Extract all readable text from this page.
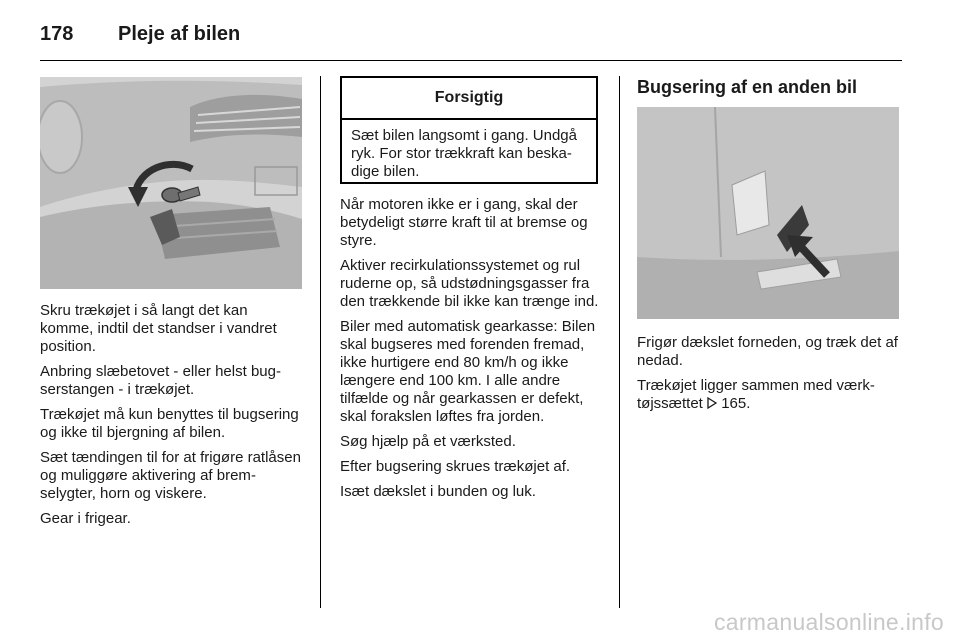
178	Pleje af bilen

Skru trækøjet i så langt det kan komme, indtil det standser i vandret position.

Anbring slæbetovet - eller helst bugserstangen - i trækøjet.

Trækøjet må kun benyttes til bugsering og ikke til bjergning af bilen.

Sæt tændingen til for at frigøre ratlåsen og muliggøre aktivering af bremselygter, horn og viskere.

Gear i frigear.

Forsigtig
Sæt bilen langsomt i gang. Undgå ryk. For stor trækkraft kan beskadige bilen.

Når motoren ikke er i gang, skal der betydeligt større kraft til at bremse og styre.

Aktiver recirkulationssystemet og rul ruderne op, så udstødningsgasser fra den trækkende bil ikke kan trænge ind.

Biler med automatisk gearkasse: Bilen skal bugseres med forenden fremad, ikke hurtigere end 80 km/h og ikke længere end 100 km. I alle andre tilfælde og når gearkassen er defekt, skal forakslen løftes fra jorden.

Søg hjælp på et værksted.

Efter bugsering skrues trækøjet af.

Isæt dækslet i bunden og luk.

Bugsering af en anden bil

Frigør dækslet forneden, og træk det af nedad.

Trækøjet ligger sammen med værktøjssættet  165.

carmanualsonline.info
